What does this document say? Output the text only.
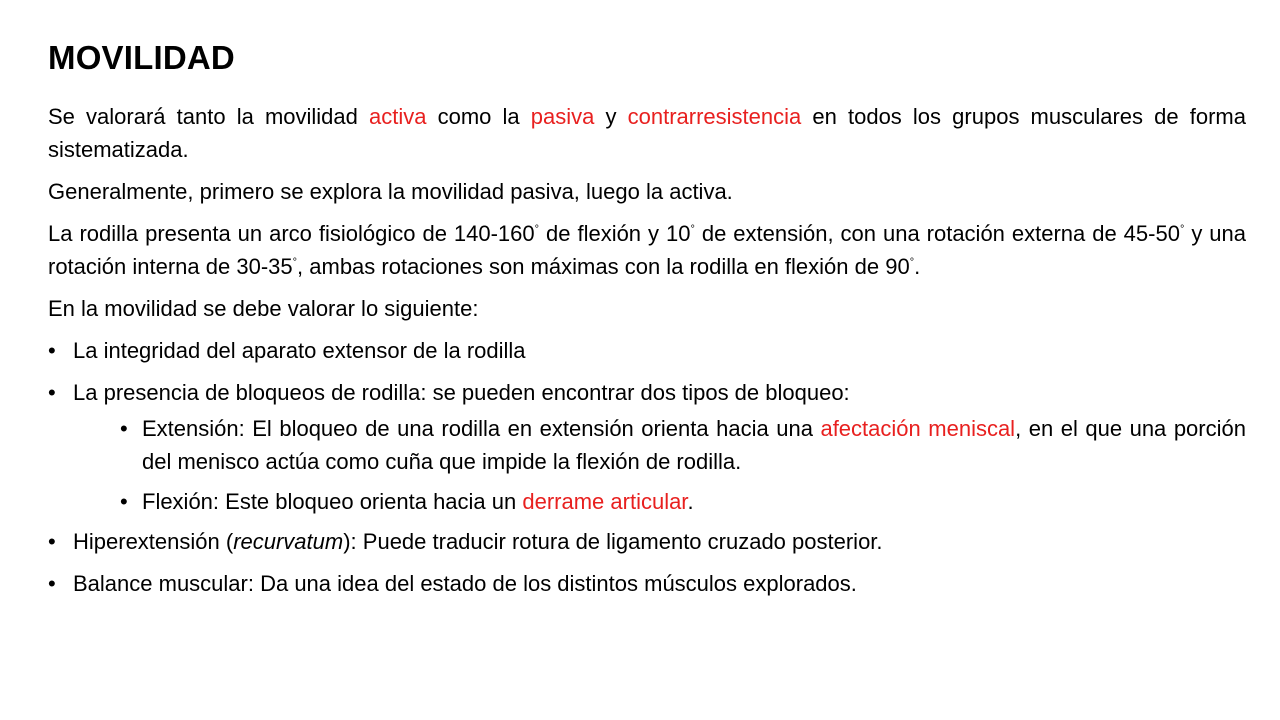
MOVILIDAD

Se valorará tanto la movilidad activa como la pasiva y contrarresistencia en todos los grupos musculares de forma sistematizada.

Generalmente, primero se explora la movilidad pasiva, luego la activa.

La rodilla presenta un arco fisiológico de 140-160° de flexión y 10° de extensión, con una rotación externa de 45-50° y una rotación interna de 30-35°, ambas rotaciones son máximas con la rodilla en flexión de 90°.

En la movilidad se debe valorar lo siguiente:

• La integridad del aparato extensor de la rodilla
• La presencia de bloqueos de rodilla: se pueden encontrar dos tipos de bloqueo:
• Extensión: El bloqueo de una rodilla en extensión orienta hacia una afectación meniscal, en el que una porción del menisco actúa como cuña que impide la flexión de rodilla.
• Flexión: Este bloqueo orienta hacia un derrame articular.
• Hiperextensión (recurvatum): Puede traducir rotura de ligamento cruzado posterior.
• Balance muscular: Da una idea del estado de los distintos músculos explorados.
